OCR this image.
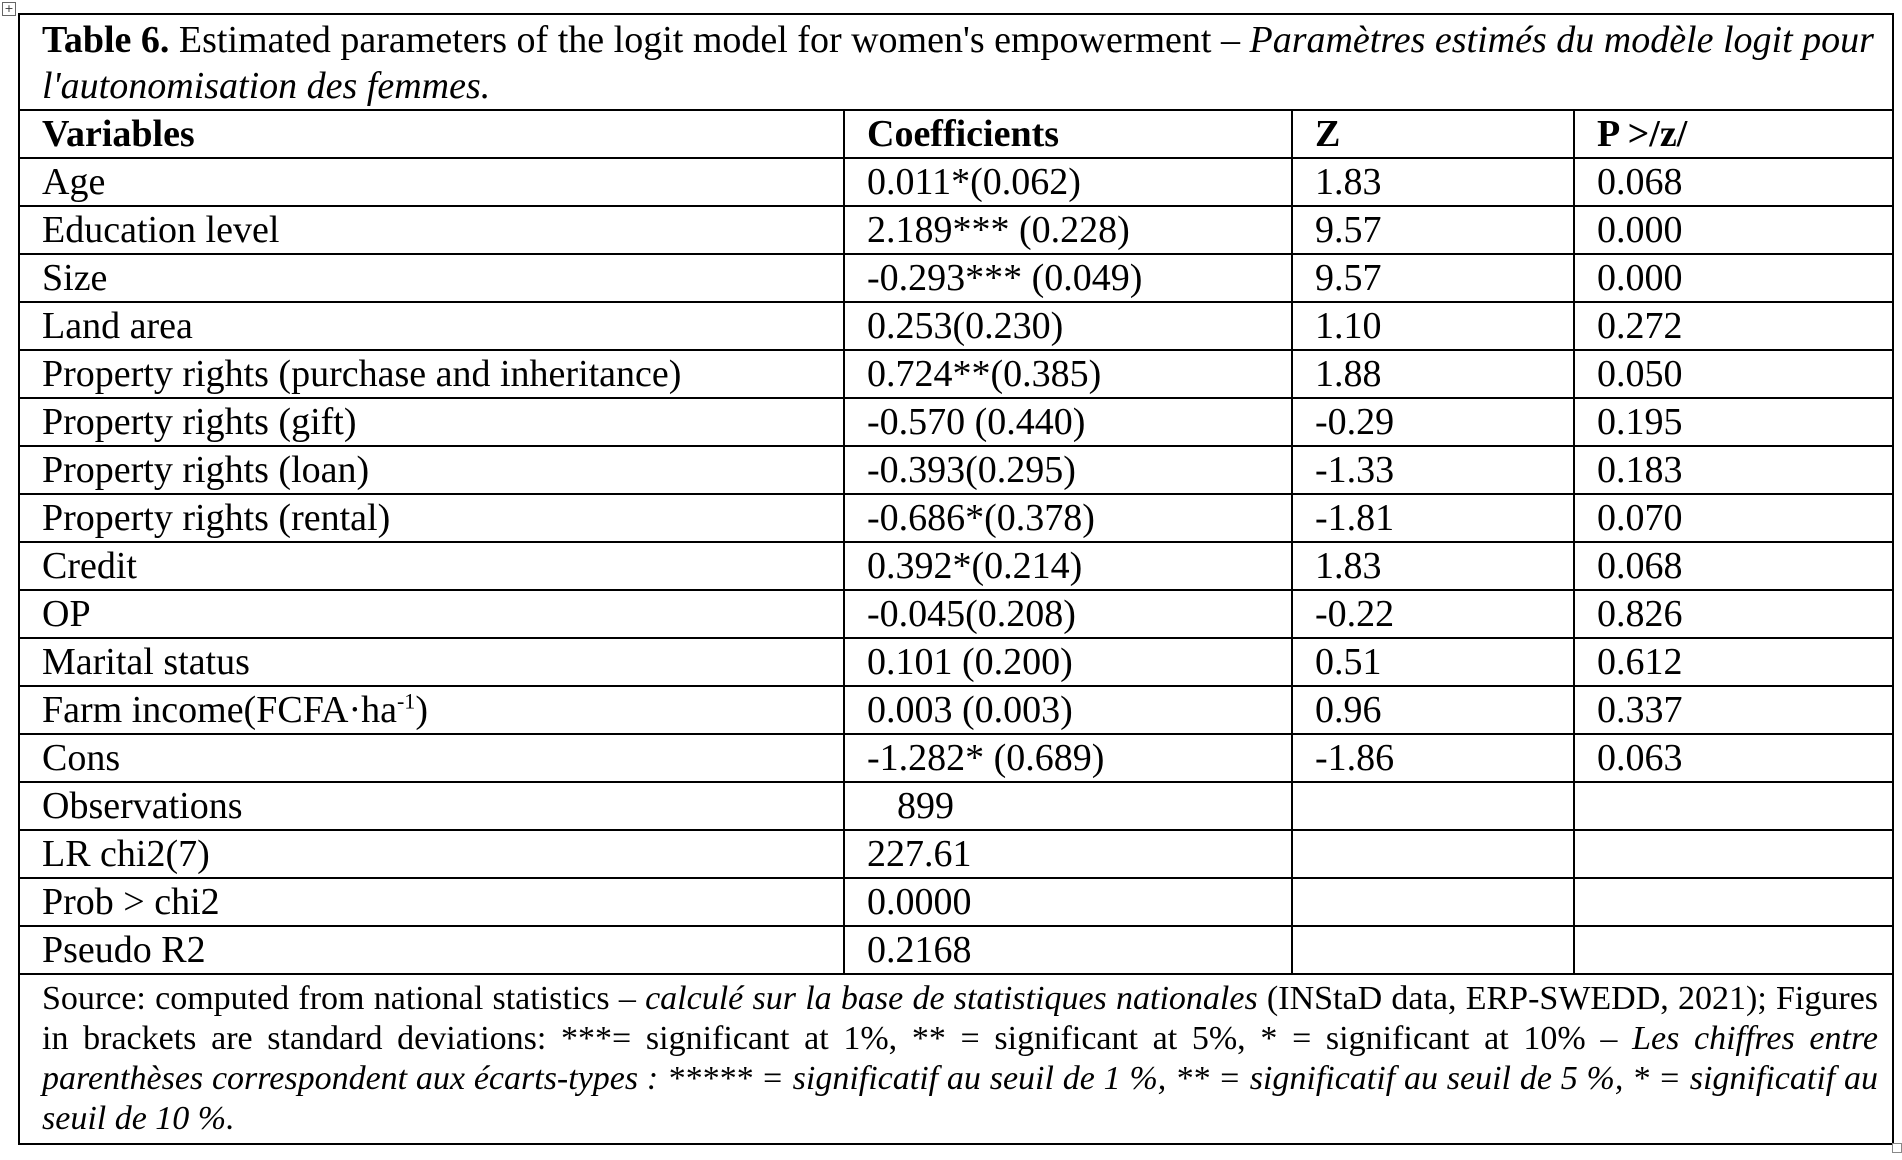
+
Table 6. Estimated parameters of the logit model for women's empowerment – Paramètres estimés du modèle logit pour l'autonomisation des femmes.			
Variables	Coefficients	Z	P >/z/
Age	0.011*(0.062)	1.83	0.068
Education level	2.189*** (0.228)	9.57	0.000
Size	-0.293*** (0.049)	9.57	0.000
Land area	0.253(0.230)	1.10	0.272
Property rights (purchase and inheritance)	0.724**(0.385)	1.88	0.050
Property rights (gift)	-0.570 (0.440)	-0.29	0.195
Property rights (loan)	-0.393(0.295)	-1.33	0.183
Property rights (rental)	-0.686*(0.378)	-1.81	0.070
Credit	0.392*(0.214)	1.83	0.068
OP	-0.045(0.208)	-0.22	0.826
Marital status	0.101 (0.200)	0.51	0.612
Farm $income(FCFA\cdot ha^{-1})$	0.003 (0.003)	0.96	0.337
Cons	-1.282* (0.689)	-1.86	0.063
Observations	899		
LR chi2(7)	227.61		
Prob > chi2	0.0000		
Pseudo R2	0.2168		
Source: computed from national statistics – calculé sur la base de statistiques nationales (INStaD data, ERP-SWEDD, 2021); Figures in brackets are standard deviations: ***= significant at 1%, ** = significant at 5%, * = significant at 10% – Les chiffres entre parenthèses correspondent aux écarts-types : ***** = significatif au seuil de 1 %, ** = significatif au seuil de 5 %, * = significatif au seuil de 10 %.			
